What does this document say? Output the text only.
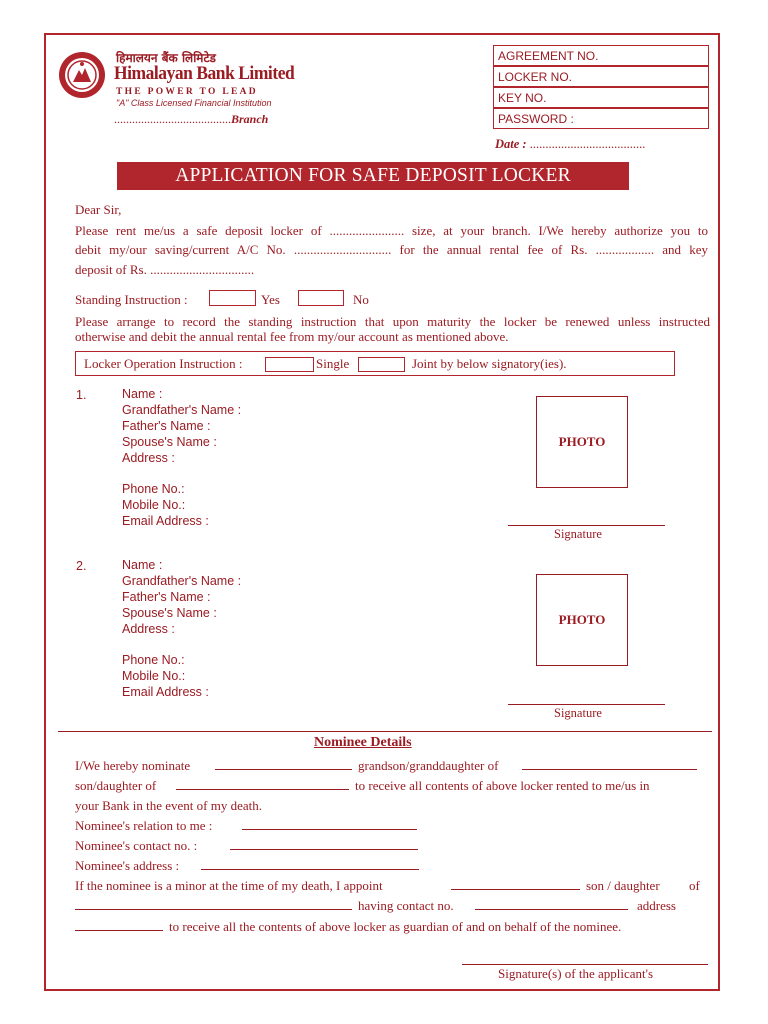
हिमालयन बैंक लिमिटेड
Himalayan Bank Limited
THE POWER TO LEAD
"A" Class Licensed Financial Institution
.......................................Branch
AGREEMENT NO.
LOCKER NO.
KEY NO.
PASSWORD :
Date : .....................................
APPLICATION FOR SAFE DEPOSIT LOCKER
Dear Sir,
Please rent me/us a safe deposit locker of ....................... size, at your branch. I/We hereby authorize you to
debit my/our saving/current A/C No. .............................. for the annual rental fee of Rs. .................. and key
deposit of Rs. ................................
Standing Instruction :	Yes	No
Please arrange to record the standing instruction that upon maturity the locker be renewed unless instructed
otherwise and debit the annual rental fee from my/our account as mentioned above.
Locker Operation Instruction :	Single	Joint by below signatory(ies).
1.	Name :
Grandfather's Name :
Father's Name :
Spouse's Name :
Address :
Phone No.:
Mobile No.:
Email Address :
PHOTO
Signature
2.	Name :
Grandfather's Name :
Father's Name :
Spouse's Name :
Address :
Phone No.:
Mobile No.:
Email Address :
PHOTO
Signature
Nominee Details
I/We hereby nominate	grandson/granddaughter of
son/daughter of	to receive all contents of above locker rented to me/us in
your Bank in the event of my death.
Nominee's relation to me :
Nominee's contact no. :
Nominee's address :
If the nominee is a minor at the time of my death, I appoint	son / daughter of
having contact no.	address
to receive all the contents of above locker as guardian of and on behalf of the nominee.
Signature(s) of the applicant's
